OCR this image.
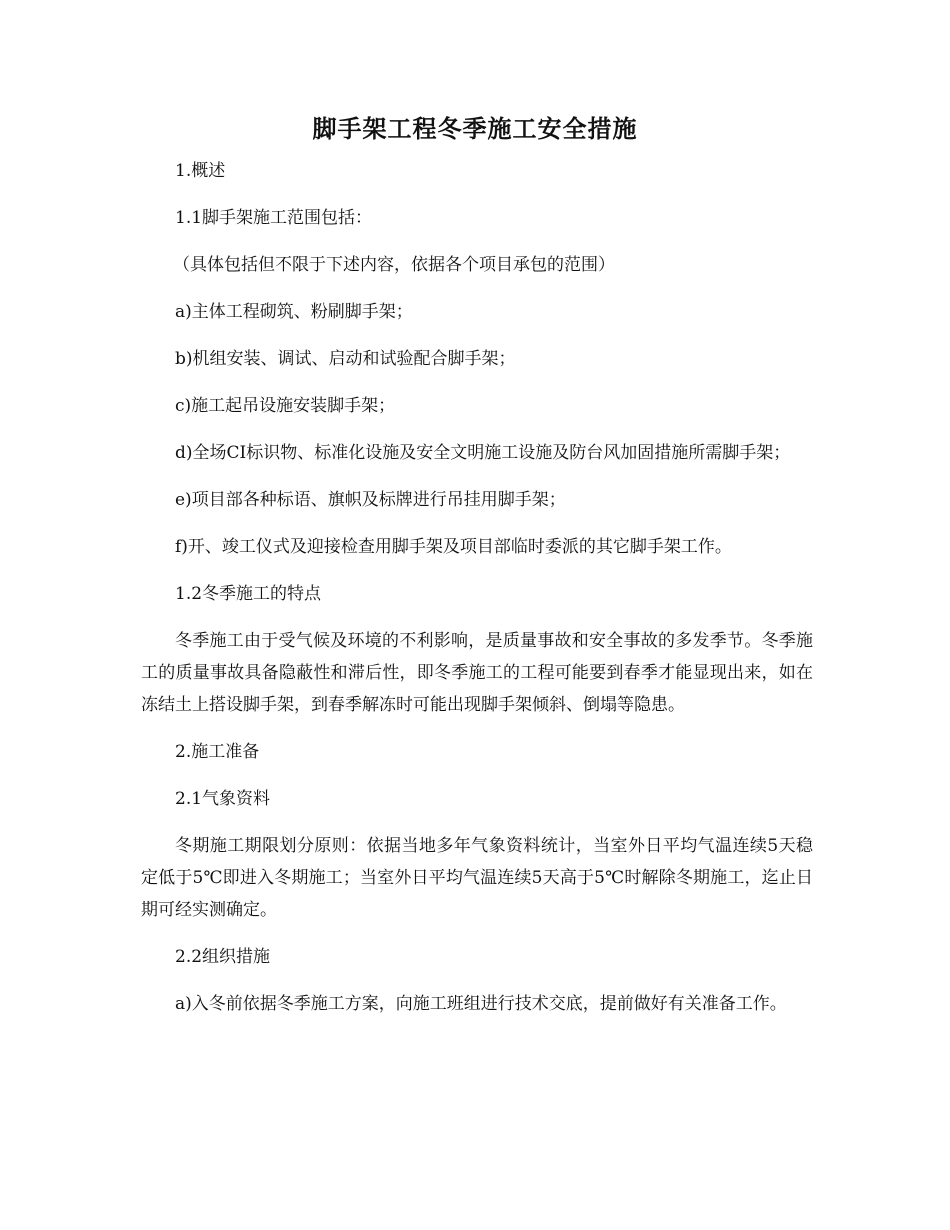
脚手架工程冬季施工安全措施

1.概述

1.1脚手架施工范围包括：

（具体包括但不限于下述内容，依据各个项目承包的范围）

a)主体工程砌筑、粉刷脚手架；

b)机组安装、调试、启动和试验配合脚手架；

c)施工起吊设施安装脚手架；

d)全场CI标识物、标准化设施及安全文明施工设施及防台风加固措施所需脚手架；

e)项目部各种标语、旗帜及标牌进行吊挂用脚手架；

f)开、竣工仪式及迎接检查用脚手架及项目部临时委派的其它脚手架工作。

1.2冬季施工的特点

冬季施工由于受气候及环境的不利影响，是质量事故和安全事故的多发季节。冬季施工的质量事故具备隐蔽性和滞后性，即冬季施工的工程可能要到春季才能显现出来，如在冻结土上搭设脚手架，到春季解冻时可能出现脚手架倾斜、倒塌等隐患。

2.施工准备

2.1气象资料

冬期施工期限划分原则：依据当地多年气象资料统计，当室外日平均气温连续5天稳定低于5℃即进入冬期施工；当室外日平均气温连续5天高于5℃时解除冬期施工，迄止日期可经实测确定。

2.2组织措施

a)入冬前依据冬季施工方案，向施工班组进行技术交底，提前做好有关准备工作。
